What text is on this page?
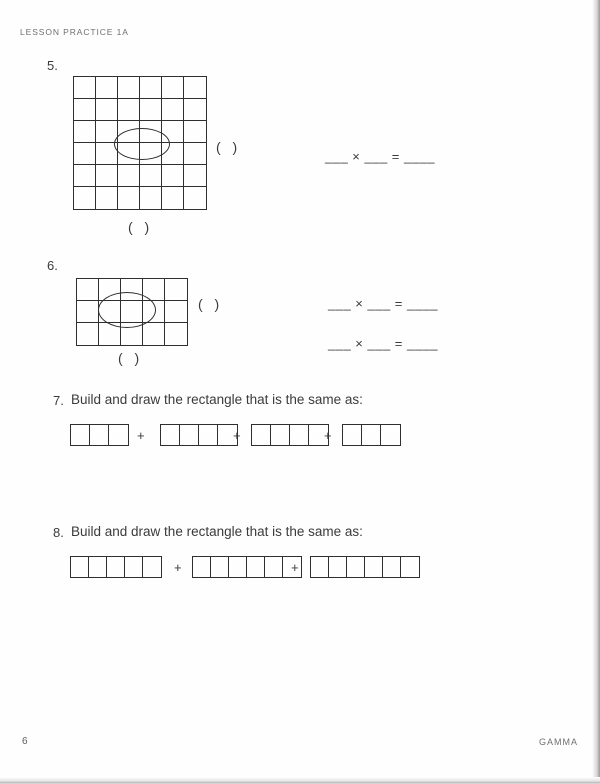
LESSON PRACTICE 1A
5.
( )
( )
___ × ___ = ____
6.
( )
( )
___ × ___ = ____
___ × ___ = ____
7. Build and draw the rectangle that is the same as:
+	+	+
8. Build and draw the rectangle that is the same as:
+	+
6	GAMMA
